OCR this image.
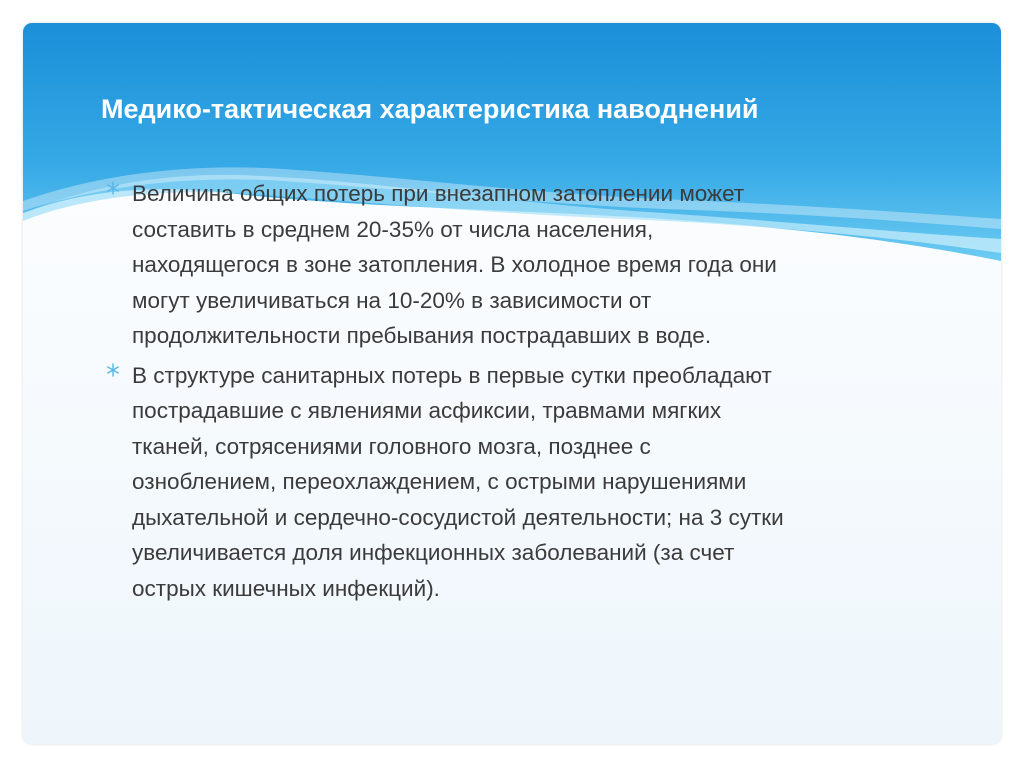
Медико-тактическая характеристика наводнений
Величина общих потерь при внезапном затоплении может
составить в среднем 20-35% от числа населения,
находящегося в зоне затопления. В холодное время года они
могут увеличиваться на 10-20% в зависимости от
продолжительности пребывания пострадавших в воде.
В структуре санитарных потерь в первые сутки преобладают
пострадавшие с явлениями асфиксии, травмами мягких
тканей, сотрясениями головного мозга, позднее с
озноблением, переохлаждением, с острыми нарушениями
дыхательной и сердечно-сосудистой деятельности; на 3 сутки
увеличивается доля инфекционных заболеваний (за счет
острых кишечных инфекций).
